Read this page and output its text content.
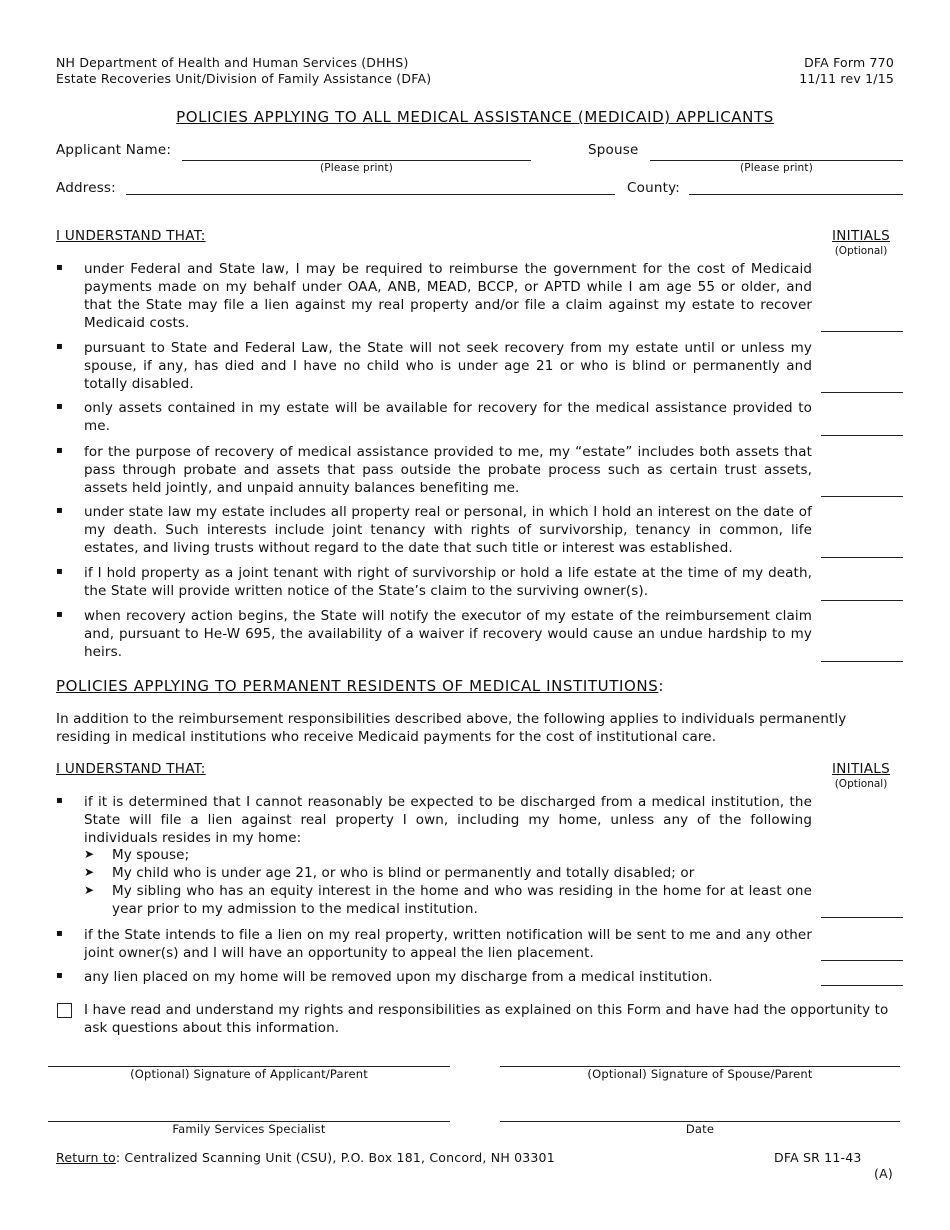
NH Department of Health and Human Services (DHHS)
Estate Recoveries Unit/Division of Family Assistance (DFA)
DFA Form 770
11/11 rev 1/15
POLICIES APPLYING TO ALL MEDICAL ASSISTANCE (MEDICAID) APPLICANTS
Applicant Name:
(Please print)
Spouse
(Please print)
Address:	County:
I UNDERSTAND THAT:	INITIALS
(Optional)
▪ under Federal and State law, I may be required to reimburse the government for the cost of Medicaid payments made on my behalf under OAA, ANB, MEAD, BCCP, or APTD while I am age 55 or older, and that the State may file a lien against my real property and/or file a claim against my estate to recover Medicaid costs.
▪ pursuant to State and Federal Law, the State will not seek recovery from my estate until or unless my spouse, if any, has died and I have no child who is under age 21 or who is blind or permanently and totally disabled.
▪ only assets contained in my estate will be available for recovery for the medical assistance provided to me.
▪ for the purpose of recovery of medical assistance provided to me, my “estate” includes both assets that pass through probate and assets that pass outside the probate process such as certain trust assets, assets held jointly, and unpaid annuity balances benefiting me.
▪ under state law my estate includes all property real or personal, in which I hold an interest on the date of my death. Such interests include joint tenancy with rights of survivorship, tenancy in common, life estates, and living trusts without regard to the date that such title or interest was established.
▪ if I hold property as a joint tenant with right of survivorship or hold a life estate at the time of my death, the State will provide written notice of the State’s claim to the surviving owner(s).
▪ when recovery action begins, the State will notify the executor of my estate of the reimbursement claim and, pursuant to He-W 695, the availability of a waiver if recovery would cause an undue hardship to my heirs.
POLICIES APPLYING TO PERMANENT RESIDENTS OF MEDICAL INSTITUTIONS:
In addition to the reimbursement responsibilities described above, the following applies to individuals permanently residing in medical institutions who receive Medicaid payments for the cost of institutional care.
I UNDERSTAND THAT:	INITIALS
(Optional)
▪ if it is determined that I cannot reasonably be expected to be discharged from a medical institution, the State will file a lien against real property I own, including my home, unless any of the following individuals resides in my home:
➤ My spouse;
➤ My child who is under age 21, or who is blind or permanently and totally disabled; or
➤ My sibling who has an equity interest in the home and who was residing in the home for at least one year prior to my admission to the medical institution.
▪ if the State intends to file a lien on my real property, written notification will be sent to me and any other joint owner(s) and I will have an opportunity to appeal the lien placement.
▪ any lien placed on my home will be removed upon my discharge from a medical institution.
I have read and understand my rights and responsibilities as explained on this Form and have had the opportunity to ask questions about this information.
(Optional) Signature of Applicant/Parent	(Optional) Signature of Spouse/Parent
Family Services Specialist	Date
Return to: Centralized Scanning Unit (CSU), P.O. Box 181, Concord, NH 03301	DFA SR 11-43
(A)
